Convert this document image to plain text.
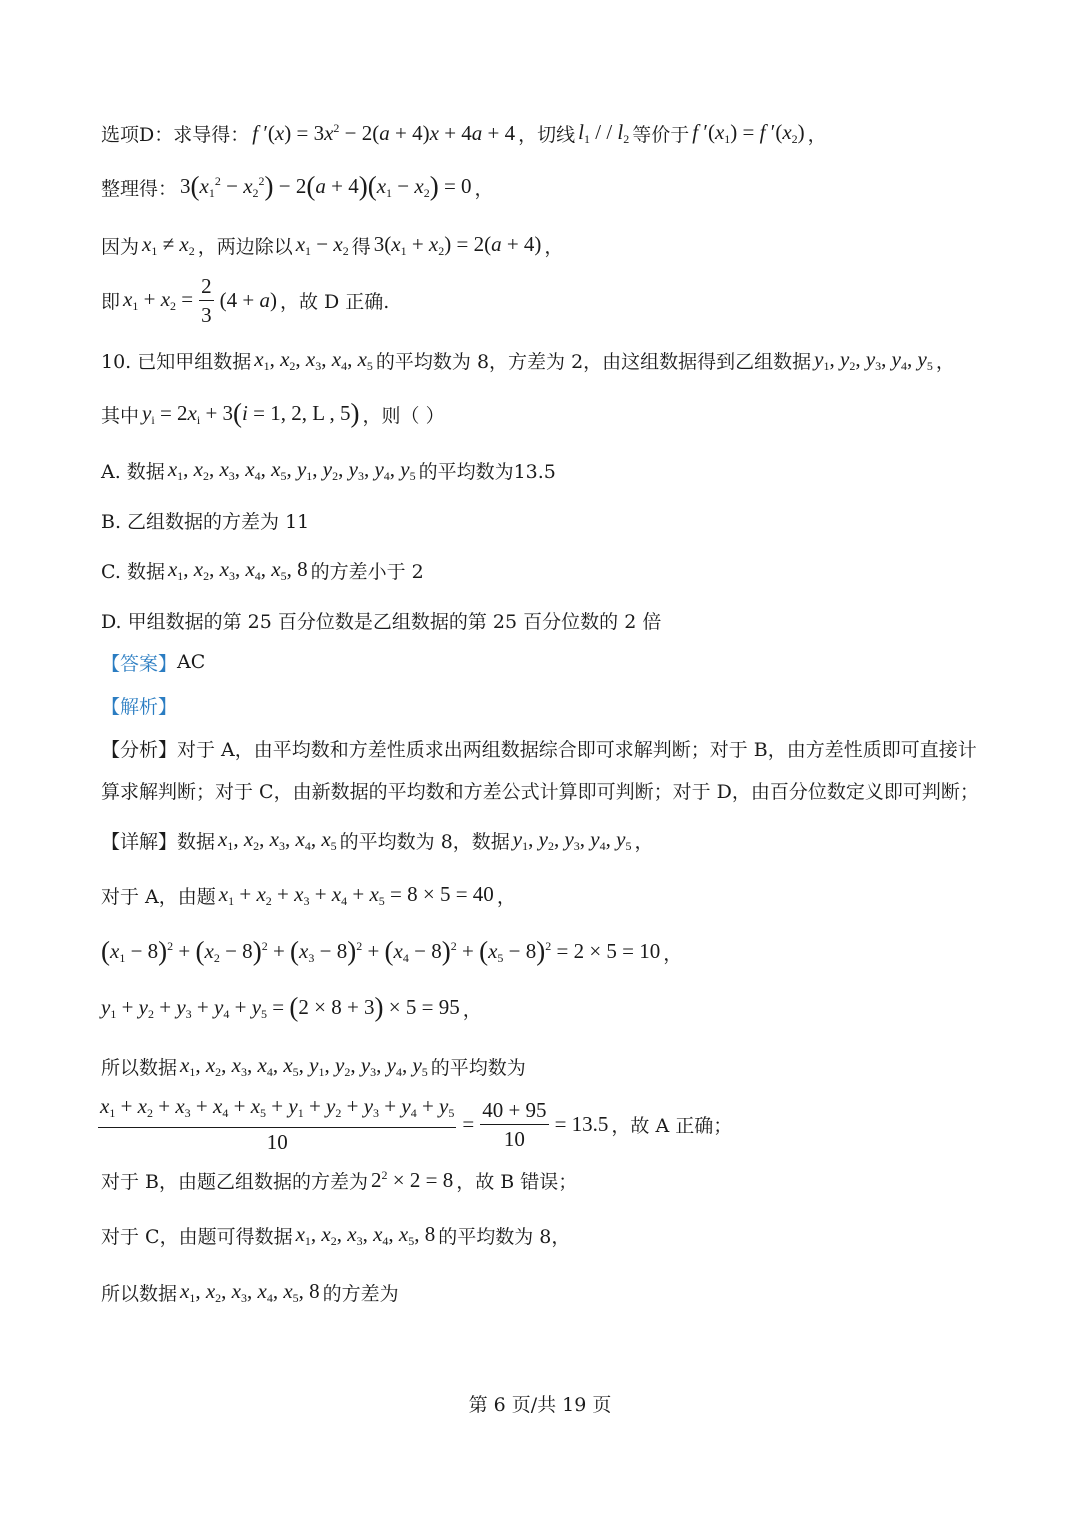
选项D：求导得： f $'(x) = 3x^2 - 2(a + 4)x + 4a + 4$ ，切线 $l_1$ / / $l_2$ 等价于 f $'(x_1) = f$ $'(x_2)$ ，
整理得： $3(x_1^2 - x_2^2) - 2(a + 4)(x_1 - x_2) = 0$ ，
因为 $x_1 \ne x_2$ ，两边除以 $x_1 - x_2$ 得 $3(x_1 + x_2) = 2(a + 4)$ ，
即 $x_1 + x_2 = \frac{2}{3} (4 + a)$ ，故 D 正确.
10. 已知甲组数据 $x_1$, $x_2$, $x_3$, $x_4$, $x_5$ 的平均数为 8，方差为 2，由这组数据得到乙组数据 $y_1$, $y_2$, $y_3$, $y_4$, $y_5$ ，
其中 $y_i = 2x_i + 3(i = 1$, 2, L , 5) ，则（ ）
A. 数据 $x_1$, $x_2$, $x_3$, $x_4$, $x_5$, $y_1$, $y_2$, $y_3$, $y_4$, $y_5$ 的平均数为13.5
B. 乙组数据的方差为 11
C. 数据 $x_1$, $x_2$, $x_3$, $x_4$, $x_5$, 8 的方差小于 2
D. 甲组数据的第 25 百分位数是乙组数据的第 25 百分位数的 2 倍
【答案】 AC
【解析】
【分析】对于 A，由平均数和方差性质求出两组数据综合即可求解判断；对于 B，由方差性质即可直接计
算求解判断；对于 C，由新数据的平均数和方差公式计算即可判断；对于 D，由百分位数定义即可判断；
【详解】数据 $x_1$, $x_2$, $x_3$, $x_4$, $x_5$ 的平均数为 8，数据 $y_1$, $y_2$, $y_3$, $y_4$, $y_5$ ，
对于 A，由题 $x_1 + x_2 + x_3 + x_4 + x_5 = 8 \times 5 = 40$ ，
$(x_1 - 8)^2 + (x_2 - 8)^2 + (x_3 - 8)^2 + (x_4 - 8)^2 + (x_5 - 8)^2 = 2 \times 5 = 10$ ，
$y_1 + y_2 + y_3 + y_4 + y_5 = (2 \times 8 + 3) \times 5 = 95$ ，
所以数据 $x_1$, $x_2$, $x_3$, $x_4$, $x_5$, $y_1$, $y_2$, $y_3$, $y_4$, $y_5$ 的平均数为
$\frac{x_1 + x_2 + x_3 + x_4 + x_5 + y_1 + y_2 + y_3 + y_4 + y_5}{10} = \frac{40 + 95}{10} = 13.5$ ，故 A 正确；
对于 B，由题乙组数据的方差为 $2^2 \times 2 = 8$ ，故 B 错误；
对于 C，由题可得数据 $x_1$, $x_2$, $x_3$, $x_4$, $x_5$, 8 的平均数为 8，
所以数据 $x_1$, $x_2$, $x_3$, $x_4$, $x_5$, 8 的方差为
第 6 页/共 19 页
